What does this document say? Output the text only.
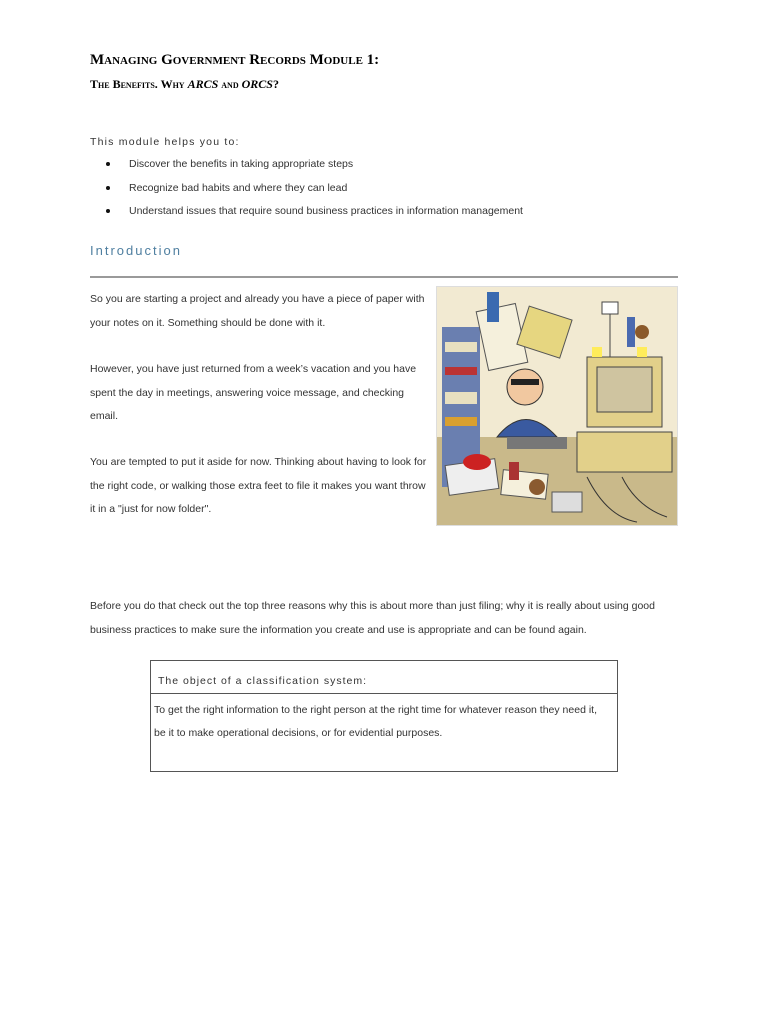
Managing Government Records Module 1:
The Benefits. Why ARCS and ORCS?
This module helps you to:
Discover the benefits in taking appropriate steps
Recognize bad habits and where they can lead
Understand issues that require sound business practices in information management
Introduction

So you are starting a project and already you have a piece of paper with your notes on it. Something should be done with it.

However, you have just returned from a week’s vacation and you have spent the day in meetings, answering voice message, and checking email.

You are tempted to put it aside for now. Thinking about having to look for the right code, or walking those extra feet to file it makes you want throw it in a "just for now folder".

Before you do that check out the top three reasons why this is about more than just filing; why it is really about using good business practices to make sure the information you create and use is appropriate and can be found again.

The object of a classification system:
To get the right information to the right person at the right time for whatever reason they need it, be it to make operational decisions, or for evidential purposes.
